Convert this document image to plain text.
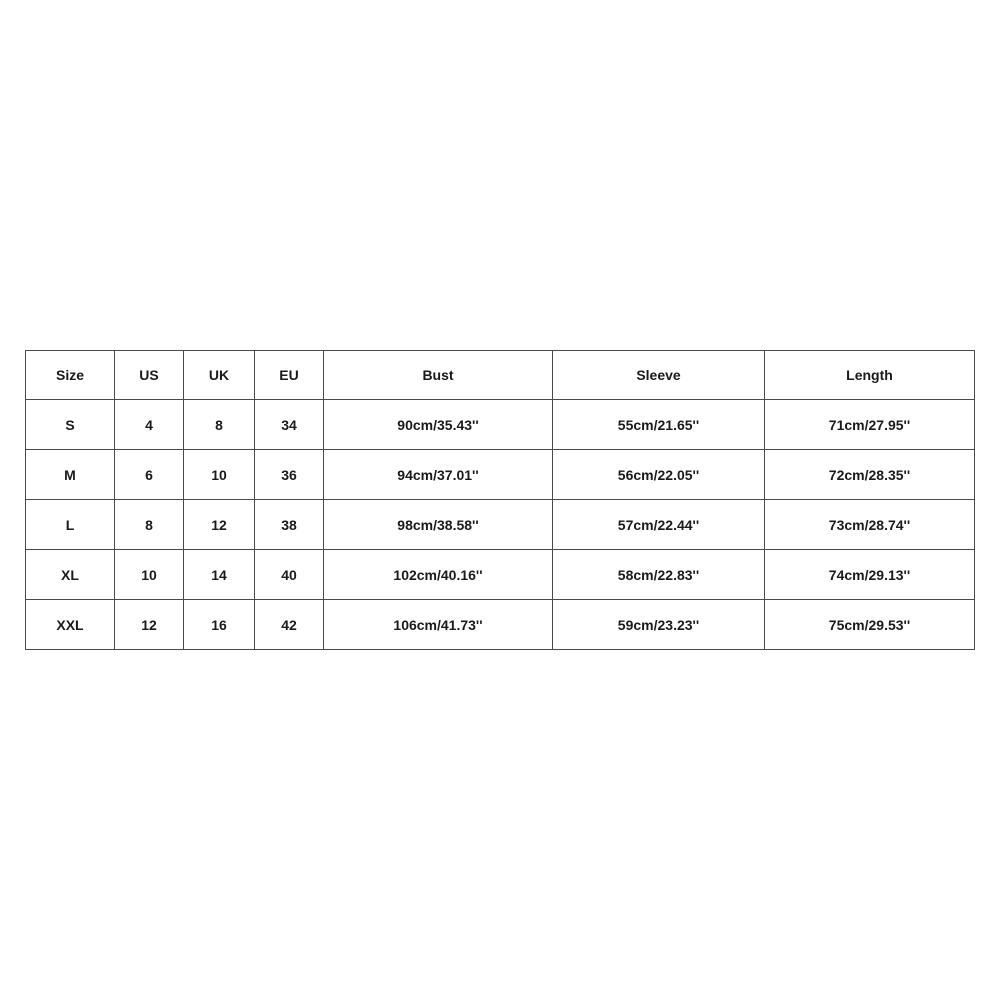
Size	US	UK	EU	Bust	Sleeve	Length
S	4	8	34	90cm/35.43''	55cm/21.65''	71cm/27.95''
M	6	10	36	94cm/37.01''	56cm/22.05''	72cm/28.35''
L	8	12	38	98cm/38.58''	57cm/22.44''	73cm/28.74''
XL	10	14	40	102cm/40.16''	58cm/22.83''	74cm/29.13''
XXL	12	16	42	106cm/41.73''	59cm/23.23''	75cm/29.53''
